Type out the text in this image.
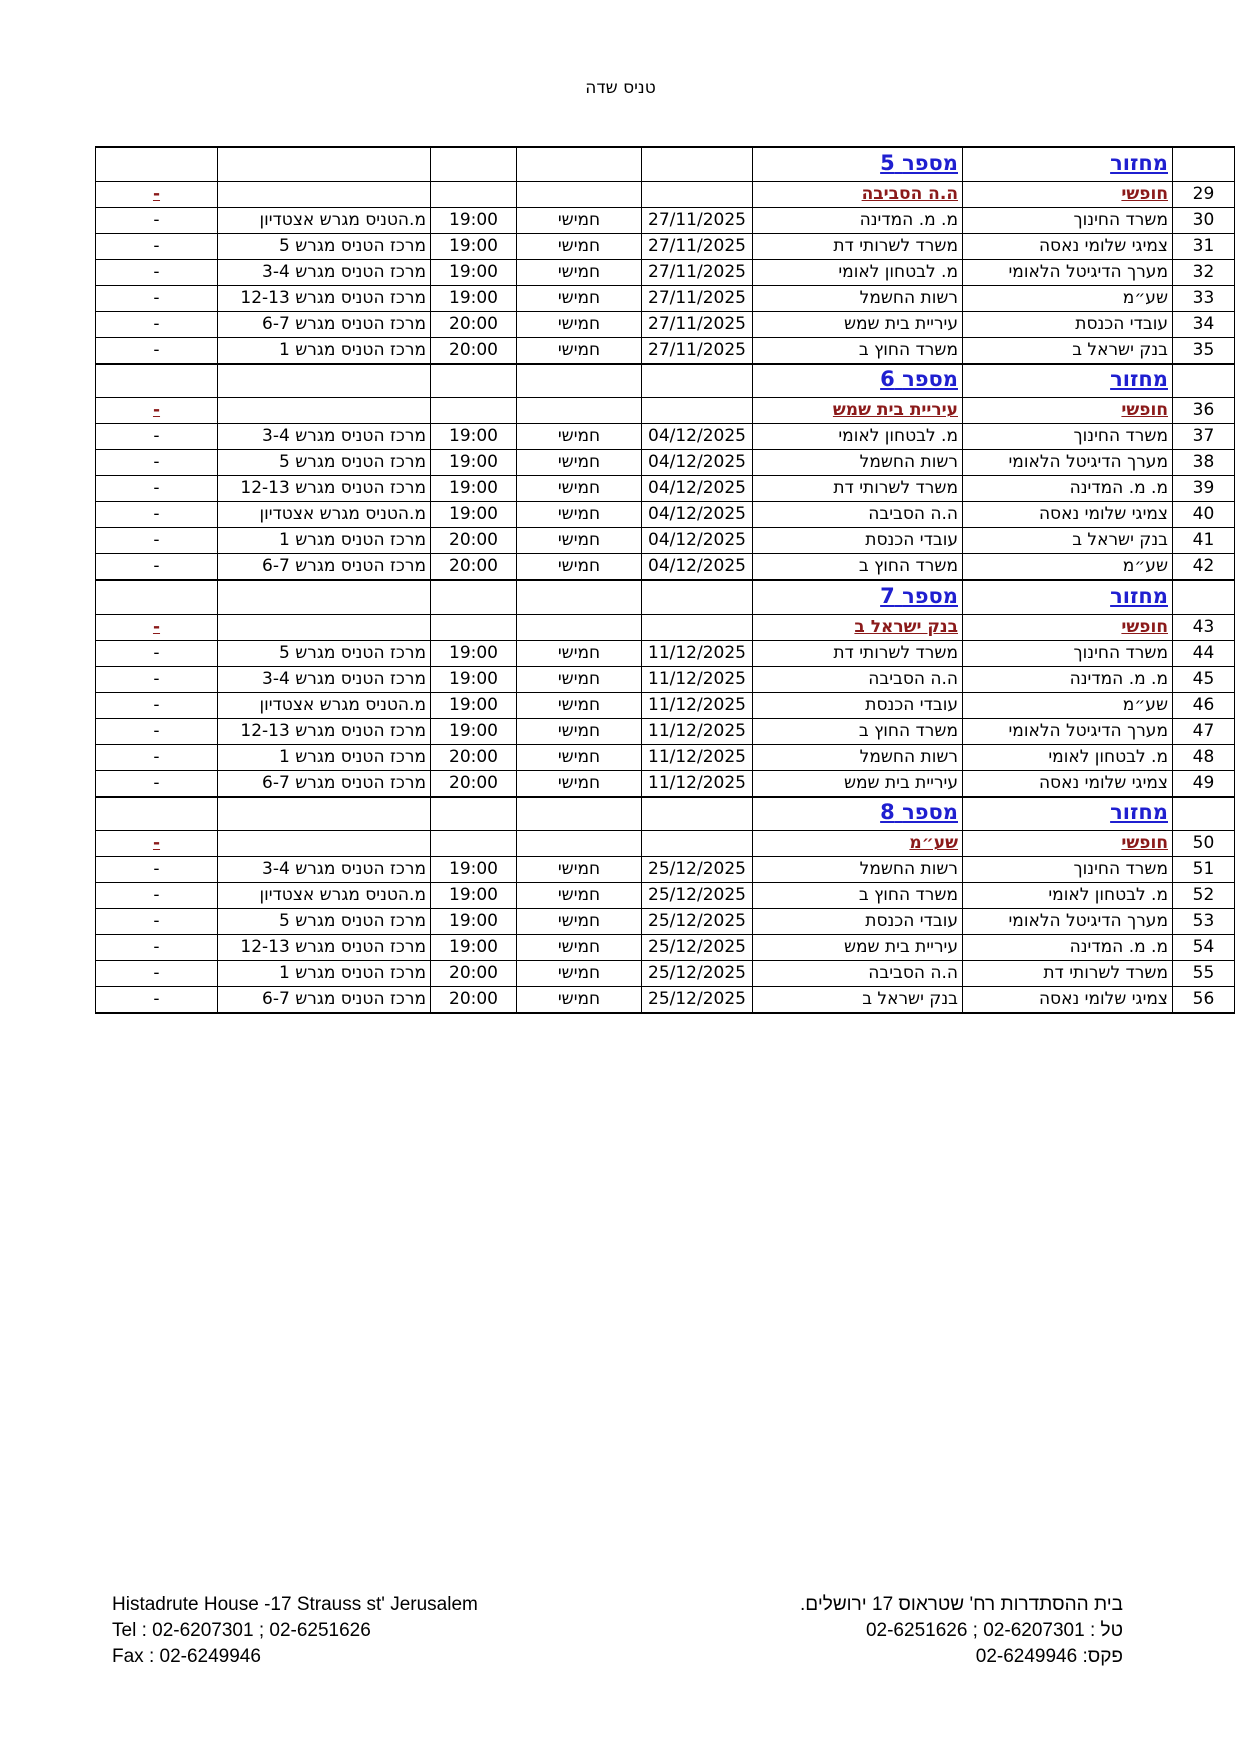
טניס שדה
					מספר 5	מחזור	
-					ה.ה הסביבה	חופשי	29
-	מ.הטניס מגרש אצטדיון	19:00	חמישי	27/11/2025	מ. מ. המדינה	משרד החינוך	30
-	מרכז הטניס מגרש 5	19:00	חמישי	27/11/2025	משרד לשרותי דת	צמיגי שלומי נאסה	31
-	מרכז הטניס מגרש 3-4	19:00	חמישי	27/11/2025	מ. לבטחון לאומי	מערך הדיגיטל הלאומי	32
-	מרכז הטניס מגרש 12-13	19:00	חמישי	27/11/2025	רשות החשמל	שע״מ	33
-	מרכז הטניס מגרש 6-7	20:00	חמישי	27/11/2025	עיריית בית שמש	עובדי הכנסת	34
-	מרכז הטניס מגרש 1	20:00	חמישי	27/11/2025	משרד החוץ ב	בנק ישראל ב	35
					מספר 6	מחזור	
-					עיריית בית שמש	חופשי	36
-	מרכז הטניס מגרש 3-4	19:00	חמישי	04/12/2025	מ. לבטחון לאומי	משרד החינוך	37
-	מרכז הטניס מגרש 5	19:00	חמישי	04/12/2025	רשות החשמל	מערך הדיגיטל הלאומי	38
-	מרכז הטניס מגרש 12-13	19:00	חמישי	04/12/2025	משרד לשרותי דת	מ. מ. המדינה	39
-	מ.הטניס מגרש אצטדיון	19:00	חמישי	04/12/2025	ה.ה הסביבה	צמיגי שלומי נאסה	40
-	מרכז הטניס מגרש 1	20:00	חמישי	04/12/2025	עובדי הכנסת	בנק ישראל ב	41
-	מרכז הטניס מגרש 6-7	20:00	חמישי	04/12/2025	משרד החוץ ב	שע״מ	42
					מספר 7	מחזור	
-					בנק ישראל ב	חופשי	43
-	מרכז הטניס מגרש 5	19:00	חמישי	11/12/2025	משרד לשרותי דת	משרד החינוך	44
-	מרכז הטניס מגרש 3-4	19:00	חמישי	11/12/2025	ה.ה הסביבה	מ. מ. המדינה	45
-	מ.הטניס מגרש אצטדיון	19:00	חמישי	11/12/2025	עובדי הכנסת	שע״מ	46
-	מרכז הטניס מגרש 12-13	19:00	חמישי	11/12/2025	משרד החוץ ב	מערך הדיגיטל הלאומי	47
-	מרכז הטניס מגרש 1	20:00	חמישי	11/12/2025	רשות החשמל	מ. לבטחון לאומי	48
-	מרכז הטניס מגרש 6-7	20:00	חמישי	11/12/2025	עיריית בית שמש	צמיגי שלומי נאסה	49
					מספר 8	מחזור	
-					שע״מ	חופשי	50
-	מרכז הטניס מגרש 3-4	19:00	חמישי	25/12/2025	רשות החשמל	משרד החינוך	51
-	מ.הטניס מגרש אצטדיון	19:00	חמישי	25/12/2025	משרד החוץ ב	מ. לבטחון לאומי	52
-	מרכז הטניס מגרש 5	19:00	חמישי	25/12/2025	עובדי הכנסת	מערך הדיגיטל הלאומי	53
-	מרכז הטניס מגרש 12-13	19:00	חמישי	25/12/2025	עיריית בית שמש	מ. מ. המדינה	54
-	מרכז הטניס מגרש 1	20:00	חמישי	25/12/2025	ה.ה הסביבה	משרד לשרותי דת	55
-	מרכז הטניס מגרש 6-7	20:00	חמישי	25/12/2025	בנק ישראל ב	צמיגי שלומי נאסה	56
Histadrute House -17 Strauss st' Jerusalem
Tel : 02-6207301 ; 02-6251626
Fax : 02-6249946
בית ההסתדרות רח' שטראוס 17 ירושלים.
טל : 02-6207301 ; 02-6251626
פקס: 02-6249946
